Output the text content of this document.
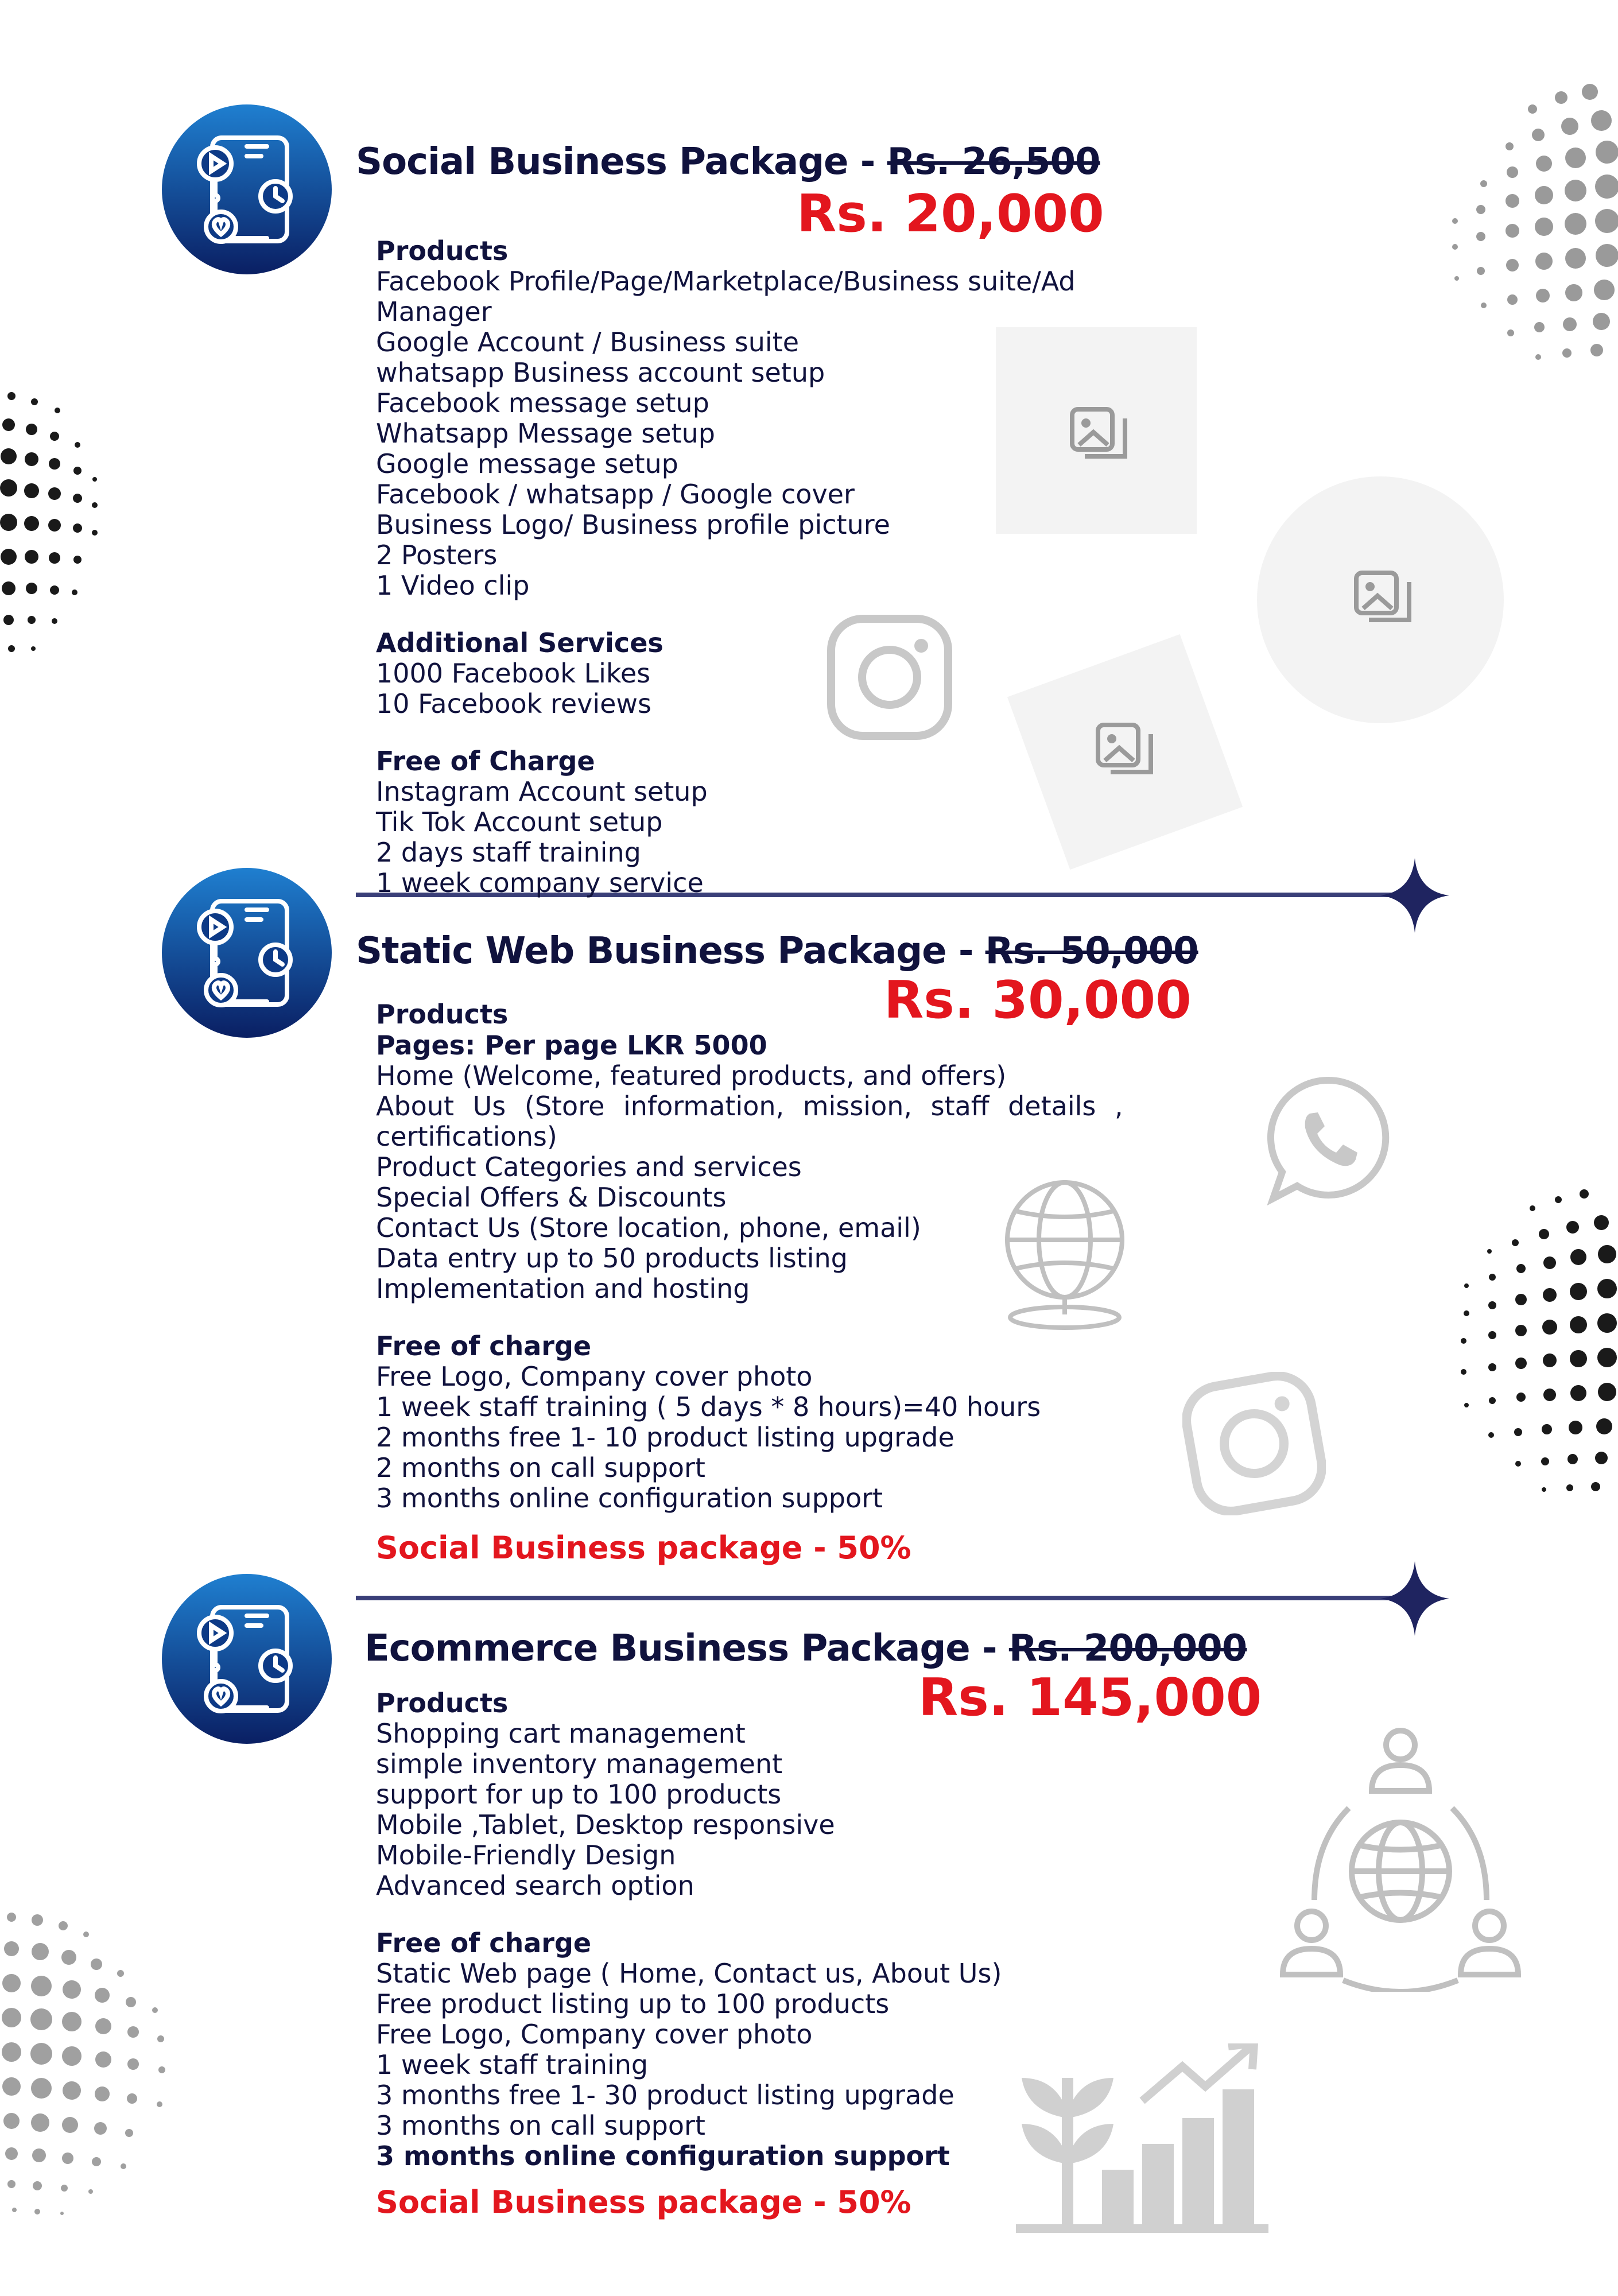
Social Business Package - Rs. 26,500
Rs. 20,000
Products
Facebook Profile/Page/Marketplace/Business suite/Ad Manager
Google Account / Business suite
whatsapp Business account setup
Facebook message setup
Whatsapp Message setup
Google message setup
Facebook / whatsapp / Google cover
Business Logo/ Business profile picture
2 Posters
1 Video clip
Additional Services
1000 Facebook Likes
10 Facebook reviews
Free of Charge
Instagram Account setup
Tik Tok Account setup
2 days staff training
1 week company service
Static Web Business Package - Rs. 50,000
Rs. 30,000
Products
Pages: Per page LKR 5000
Home (Welcome, featured products, and offers)
About Us (Store information, mission, staff details ,
certifications)
Product Categories and services
Special Offers & Discounts
Contact Us (Store location, phone, email)
Data entry up to 50 products listing
Implementation and hosting
Free of charge
Free Logo, Company cover photo
1 week staff training ( 5 days * 8 hours)=40 hours
2 months free 1- 10 product listing upgrade
2 months on call support
3 months online configuration support
Social Business package - 50%
Ecommerce Business Package - Rs. 200,000
Rs. 145,000
Products
Shopping cart management
simple inventory management
support for up to 100 products
Mobile ,Tablet, Desktop responsive
Mobile-Friendly Design
Advanced search option
Free of charge
Static Web page ( Home, Contact us, About Us)
Free product listing up to 100 products
Free Logo, Company cover photo
1 week staff training
3 months free 1- 30 product listing upgrade
3 months on call support
3 months online configuration support
Social Business package - 50%
